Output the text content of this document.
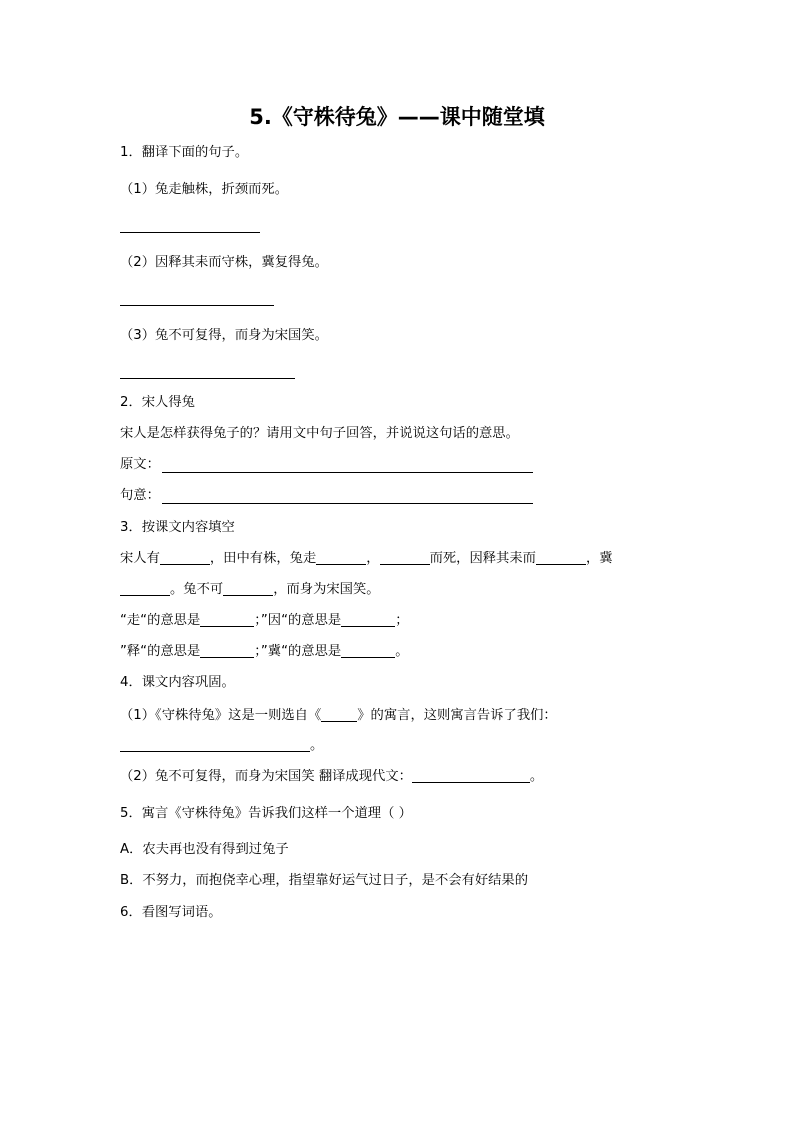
5.《守株待兔》——课中随堂填
1．翻译下面的句子。
（1）兔走触株，折颈而死。
（2）因释其耒而守株，冀复得兔。
（3）兔不可复得，而身为宋国笑。
2．宋人得兔
宋人是怎样获得兔子的？请用文中句子回答，并说说这句话的意思。
原文：
句意：
3．按课文内容填空
宋人有	，田中有株，兔走	，	而死，因释其耒而	，冀
。兔不可	，而身为宋国笑。
“走“的意思是	；”因“的意思是	；
”释“的意思是	；”冀“的意思是	。
4．课文内容巩固。
（1）《守株待兔》这是一则选自《	》的寓言，这则寓言告诉了我们：
。
（2）兔不可复得，而身为宋国笑 翻译成现代文：	。
5．寓言《守株待兔》告诉我们这样一个道理（ ）
A．农夫再也没有得到过兔子
B．不努力，而抱侥幸心理，指望靠好运气过日子，是不会有好结果的
6．看图写词语。
